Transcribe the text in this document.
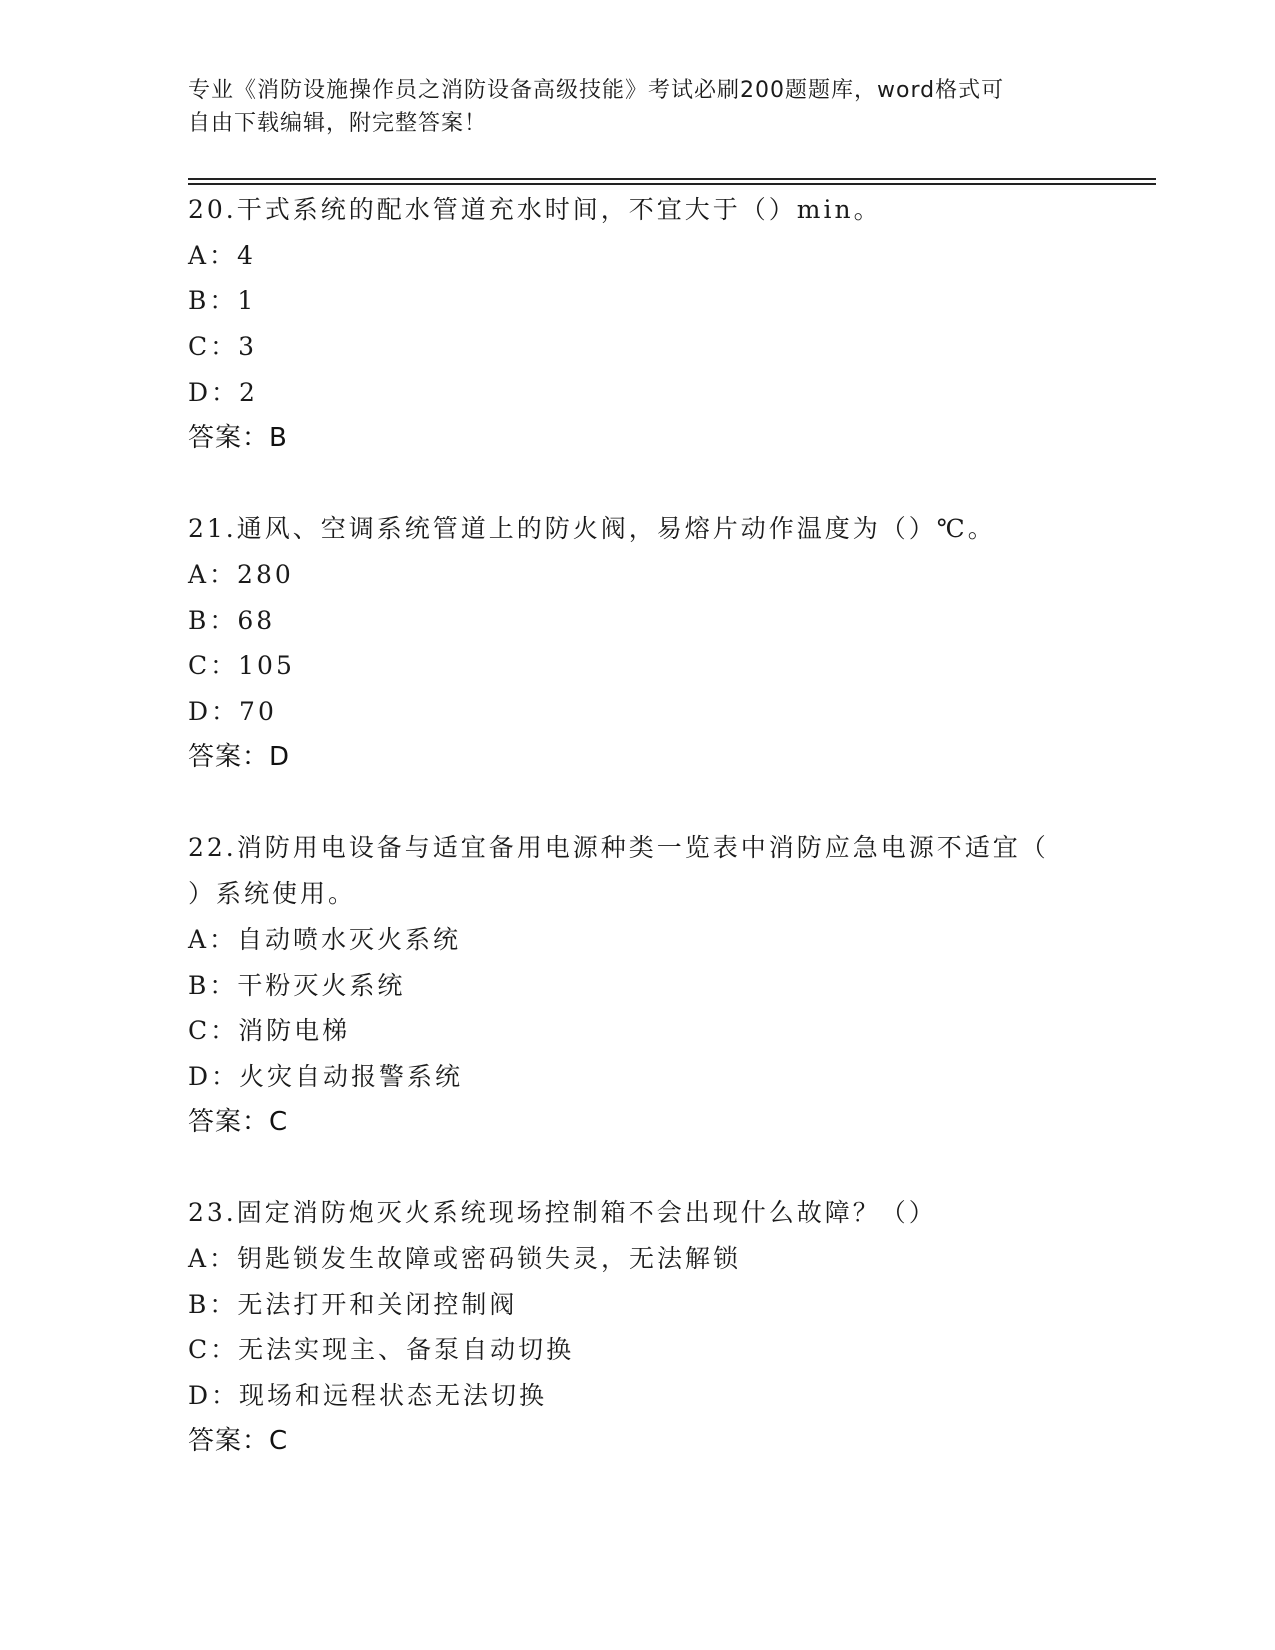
专业《消防设施操作员之消防设备高级技能》考试必刷200题题库，word格式可
自由下载编辑，附完整答案！
20.干式系统的配水管道充水时间，不宜大于（）min。
A：4
B：1
C：3
D：2
答案：B
21.通风、空调系统管道上的防火阀，易熔片动作温度为（）℃。
A：280
B：68
C：105
D：70
答案：D
22.消防用电设备与适宜备用电源种类一览表中消防应急电源不适宜（
）系统使用。
A：自动喷水灭火系统
B：干粉灭火系统
C：消防电梯
D：火灾自动报警系统
答案：C
23.固定消防炮灭火系统现场控制箱不会出现什么故障？（）
A：钥匙锁发生故障或密码锁失灵，无法解锁
B：无法打开和关闭控制阀
C：无法实现主、备泵自动切换
D：现场和远程状态无法切换
答案：C
